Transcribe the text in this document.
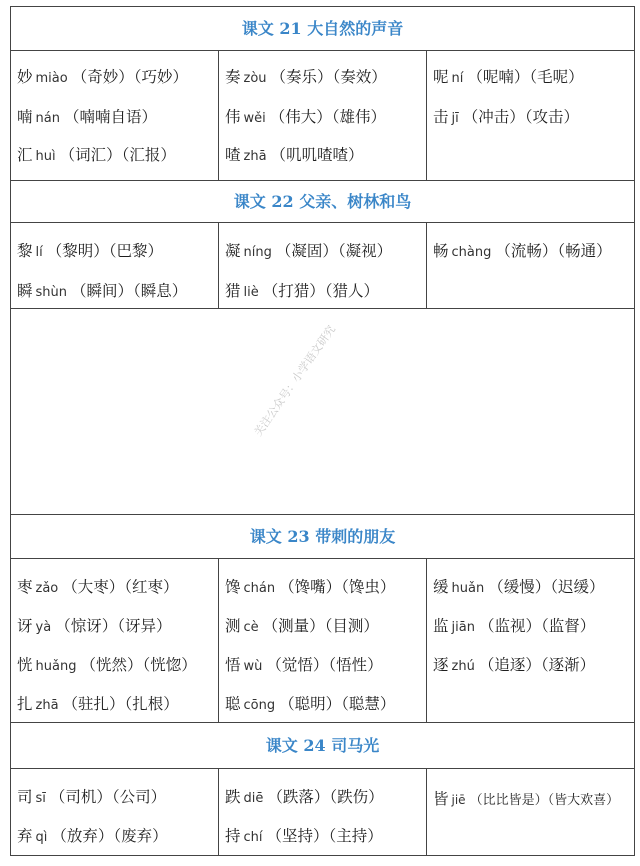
课文 21 大自然的声音
妙 miào （奇妙）（巧妙）
喃 nán （喃喃自语）
汇 huì （词汇）（汇报）
奏 zòu （奏乐）（奏效）
伟 wěi （伟大）（雄伟）
喳 zhā （叽叽喳喳）
呢 ní （呢喃）（毛呢）
击 jī （冲击）（攻击）
课文 22 父亲、树林和鸟
黎 lí （黎明）（巴黎）
瞬 shùn （瞬间）（瞬息）
凝 níng （凝固）（凝视）
猎 liè （打猎）（猎人）
畅 chàng （流畅）（畅通）
课文 23 带刺的朋友
枣 zǎo （大枣）（红枣）
讶 yà （惊讶）（讶异）
恍 huǎng （恍然）（恍惚）
扎 zhā （驻扎）（扎根）
馋 chán （馋嘴）（馋虫）
测 cè （测量）（目测）
悟 wù （觉悟）（悟性）
聪 cōng （聪明）（聪慧）
缓 huǎn （缓慢）（迟缓）
监 jiān （监视）（监督）
逐 zhú （追逐）（逐渐）
课文 24 司马光
司 sī （司机）（公司）
弃 qì （放弃）（废弃）
跌 diē （跌落）（跌伤）
持 chí （坚持）（主持）
皆 jiē （比比皆是）（皆大欢喜）
关注公众号：小学语文研究
